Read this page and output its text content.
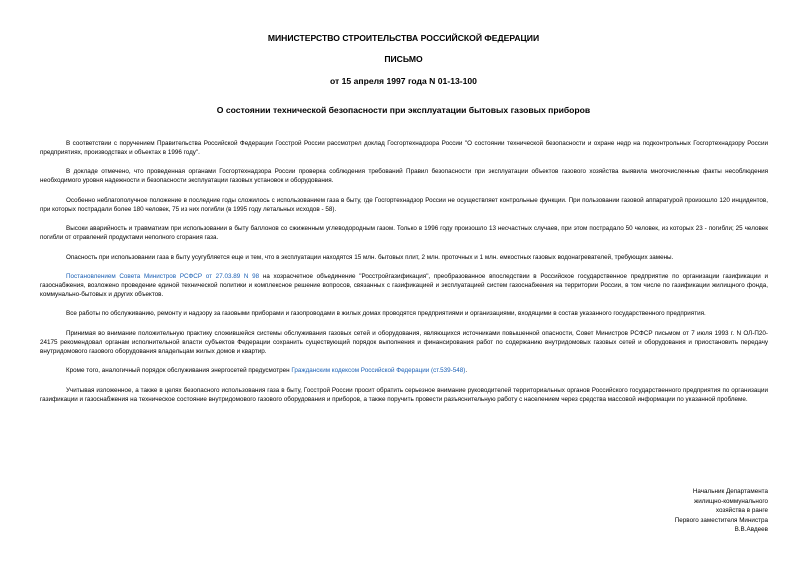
МИНИСТЕРСТВО СТРОИТЕЛЬСТВА РОССИЙСКОЙ ФЕДЕРАЦИИ
ПИСЬМО
от 15 апреля 1997 года N 01-13-100
О состоянии технической безопасности при эксплуатации бытовых газовых приборов

В соответствии с поручением Правительства Российской Федерации Госстрой России рассмотрел доклад Госгортехнадзора России "О состоянии технической безопасности и охране недр на подконтрольных Госгортехнадзору России предприятиях, производствах и объектах в 1996 году".

В докладе отмечено, что проведенная органами Госгортехнадзора России проверка соблюдения требований Правил безопасности при эксплуатации объектов газового хозяйства выявила многочисленные факты несоблюдения необходимого уровня надежности и безопасности эксплуатации газовых установок и оборудования.

Особенно неблагополучное положение в последние годы сложилось с использованием газа в быту, где Госгортехнадзор России не осуществляет контрольные функции. При пользовании газовой аппаратурой произошло 120 инцидентов, при которых пострадали более 180 человек, 75 из них погибли (в 1995 году летальных исходов - 58).

Высоки аварийность и травматизм при использовании в быту баллонов со сжиженным углеводородным газом. Только в 1996 году произошло 13 несчастных случаев, при этом пострадало 50 человек, из которых 23 - погибли; 25 человек погибли от отравлений продуктами неполного сгорания газа.

Опасность при использовании газа в быту усугубляется еще и тем, что в эксплуатации находятся 15 млн. бытовых плит, 2 млн. проточных и 1 млн. емкостных газовых водонагревателей, требующих замены.

Постановлением Совета Министров РСФСР от 27.03.89 N 98 на хозрасчетное объединение "Росстройгазификация", преобразованное впоследствии в Российское государственное предприятие по организации газификации и газоснабжения, возложено проведение единой технической политики и комплексное решение вопросов, связанных с газификацией и эксплуатацией систем газоснабжения на территории России, в том числе по газификации жилищного фонда, коммунально-бытовых и других объектов.

Все работы по обслуживанию, ремонту и надзору за газовыми приборами и газопроводами в жилых домах проводятся предприятиями и организациями, входящими в состав указанного государственного предприятия.

Принимая во внимание положительную практику сложившейся системы обслуживания газовых сетей и оборудования, являющихся источниками повышенной опасности, Совет Министров РСФСР письмом от 7 июля 1993 г. N ОЛ-П20-24175 рекомендовал органам исполнительной власти субъектов Федерации сохранить существующий порядок выполнения и финансирования работ по содержанию внутридомовых газовых сетей и оборудования и приостановить передачу внутридомового газового оборудования владельцам жилых домов и квартир.

Кроме того, аналогичный порядок обслуживания энергосетей предусмотрен Гражданским кодексом Российской Федерации (ст.539-548).

Учитывая изложенное, а также в целях безопасного использования газа в быту, Госстрой России просит обратить серьезное внимание руководителей территориальных органов Российского государственного предприятия по организации газификации и газоснабжения на техническое состояние внутридомового газового оборудования и приборов, а также поручить провести разъяснительную работу с населением через средства массовой информации по указанной проблеме.

Начальник Департамента
жилищно-коммунального
хозяйства в ранге
Первого заместителя Министра
В.В.Авдеев
